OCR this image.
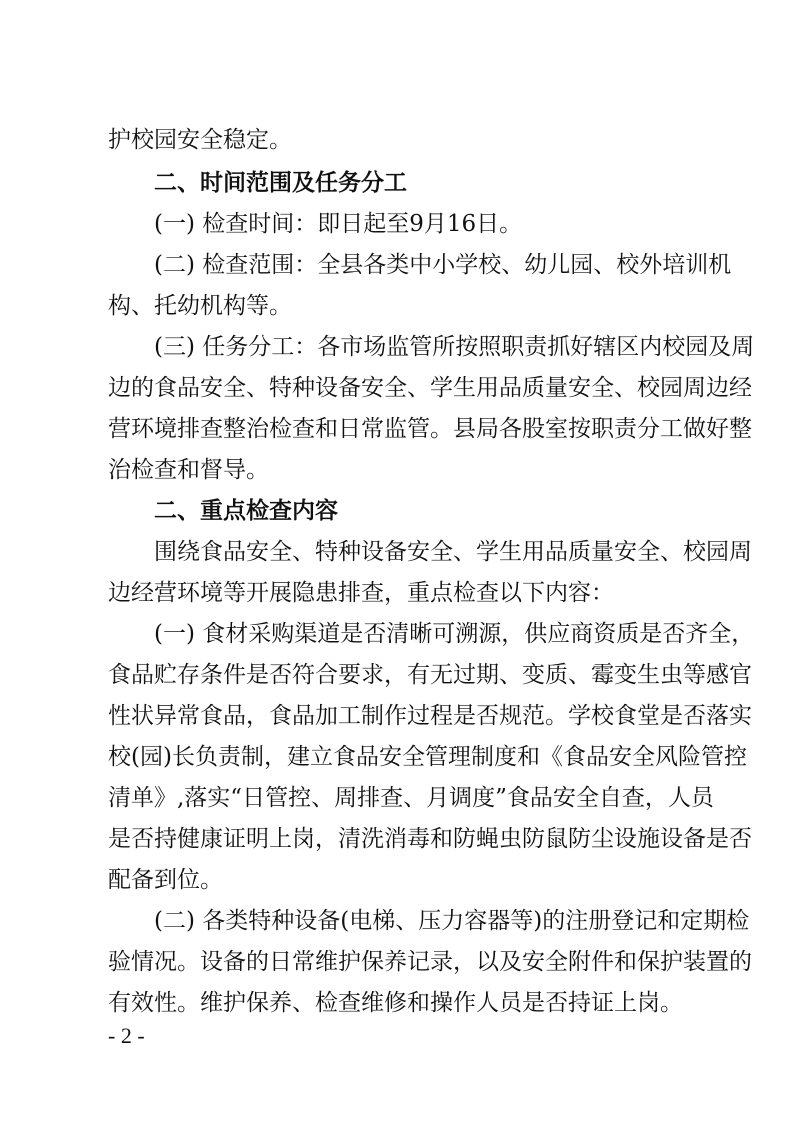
护校园安全稳定。
二、时间范围及任务分工
(一) 检查时间：即日起至9月16日。
(二) 检查范围：全县各类中小学校、幼儿园、校外培训机
构、托幼机构等。
(三) 任务分工：各市场监管所按照职责抓好辖区内校园及周
边的食品安全、特种设备安全、学生用品质量安全、校园周边经
营环境排查整治检查和日常监管。县局各股室按职责分工做好整
治检查和督导。
二、重点检查内容
围绕食品安全、特种设备安全、学生用品质量安全、校园周
边经营环境等开展隐患排查，重点检查以下内容：
(一) 食材采购渠道是否清晰可溯源，供应商资质是否齐全，
食品贮存条件是否符合要求，有无过期、变质、霉变生虫等感官
性状异常食品，食品加工制作过程是否规范。学校食堂是否落实
校(园)长负责制，建立食品安全管理制度和《食品安全风险管控
清单》,落实“日管控、周排查、月调度”食品安全自查，人员
是否持健康证明上岗，清洗消毒和防蝇虫防鼠防尘设施设备是否
配备到位。
(二) 各类特种设备(电梯、压力容器等)的注册登记和定期检
验情况。设备的日常维护保养记录，以及安全附件和保护装置的
有效性。维护保养、检查维修和操作人员是否持证上岗。
- 2 -
